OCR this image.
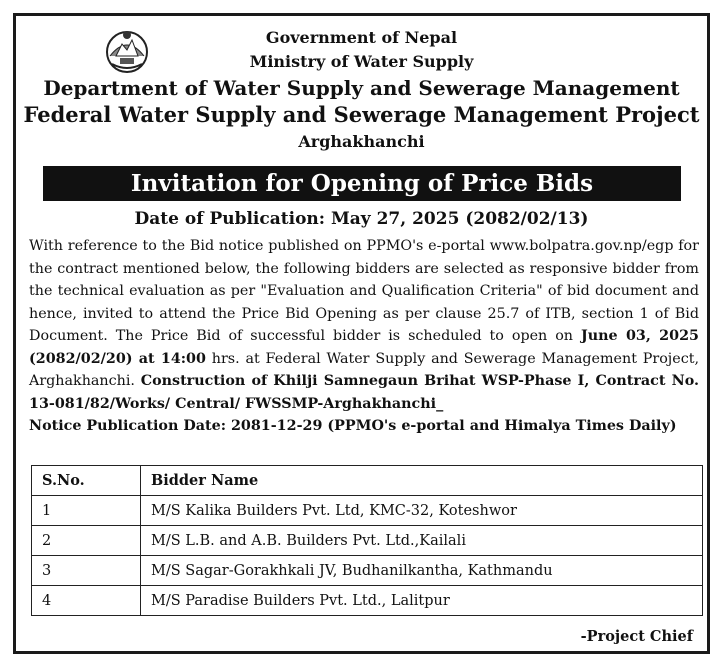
Government of Nepal
Ministry of Water Supply
Department of Water Supply and Sewerage Management
Federal Water Supply and Sewerage Management Project
Arghakhanchi
Invitation for Opening of Price Bids
Date of Publication: May 27, 2025 (2082/02/13)
With reference to the Bid notice published on PPMO's e-portal www.bolpatra.gov.np/egp for the contract mentioned below, the following bidders are selected as responsive bidder from the technical evaluation as per "Evaluation and Qualification Criteria" of bid document and hence, invited to attend the Price Bid Opening as per clause 25.7 of ITB, section 1 of Bid Document. The Price Bid of successful bidder is scheduled to open on June 03, 2025 (2082/02/20) at 14:00 hrs. at Federal Water Supply and Sewerage Management Project, Arghakhanchi. Construction of Khilji Samnegaun Brihat WSP-Phase I, Contract No. 13-081/82/Works/ Central/ FWSSMP-Arghakhanchi_
Notice Publication Date: 2081-12-29 (PPMO's e-portal and Himalya Times Daily)
S.No.	Bidder Name
1	M/S Kalika Builders Pvt. Ltd, KMC-32, Koteshwor
2	M/S L.B. and A.B. Builders Pvt. Ltd.,Kailali
3	M/S Sagar-Gorakhkali JV, Budhanilkantha, Kathmandu
4	M/S Paradise Builders Pvt. Ltd., Lalitpur
-Project Chief
